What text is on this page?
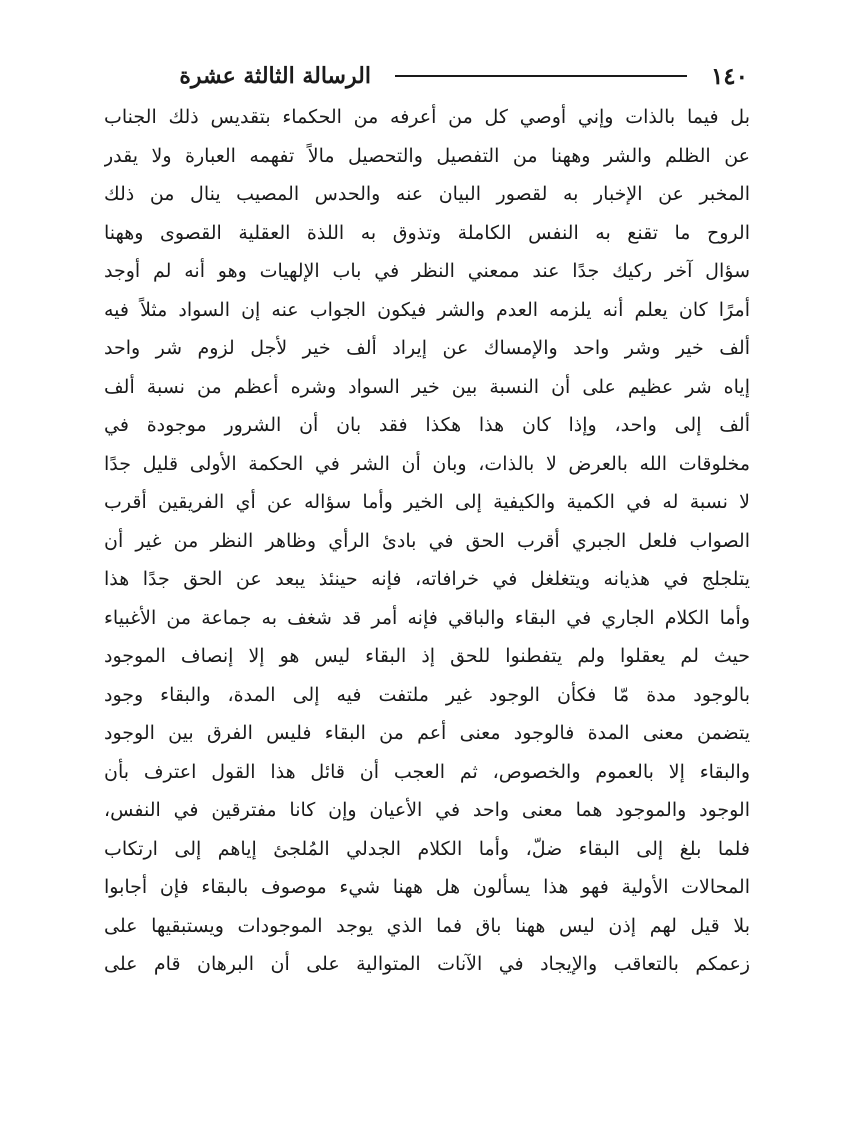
١٤٠
الرسالة الثالثة عشرة
بل فيما بالذات وإني أوصي كل من أعرفه من الحكماء بتقديس ذلك الجناب
عن الظلم والشر وههنا من التفصيل والتحصيل مالاً تفهمه العبارة ولا يقدر
المخبر عن الإخبار به لقصور البيان عنه والحدس المصيب ينال من ذلك
الروح ما تقنع به النفس الكاملة وتذوق به اللذة العقلية القصوى وههنا
سؤال آخر ركيك جدًا عند ممعني النظر في باب الإلهيات وهو أنه لم أوجد
أمرًا كان يعلم أنه يلزمه العدم والشر فيكون الجواب عنه إن السواد مثلاً فيه
ألف خير وشر واحد والإمساك عن إيراد ألف خير لأجل لزوم شر واحد
إياه شر عظيم على أن النسبة بين خير السواد وشره أعظم من نسبة ألف
ألف إلى واحد، وإذا كان هذا هكذا فقد بان أن الشرور موجودة في
مخلوقات الله بالعرض لا بالذات، وبان أن الشر في الحكمة الأولى قليل جدًا
لا نسبة له في الكمية والكيفية إلى الخير وأما سؤاله عن أي الفريقين أقرب
الصواب فلعل الجبري أقرب الحق في بادئ الرأي وظاهر النظر من غير أن
يتلجلج في هذيانه ويتغلغل في خرافاته، فإنه حينئذ يبعد عن الحق جدًا هذا
وأما الكلام الجاري في البقاء والباقي فإنه أمر قد شغف به جماعة من الأغبياء
حيث لم يعقلوا ولم يتفطنوا للحق إذ البقاء ليس هو إلا إنصاف الموجود
بالوجود مدة مّا فكأن الوجود غير ملتفت فيه إلى المدة، والبقاء وجود
يتضمن معنى المدة فالوجود معنى أعم من البقاء فليس الفرق بين الوجود
والبقاء إلا بالعموم والخصوص، ثم العجب أن قائل هذا القول اعترف بأن
الوجود والموجود هما معنى واحد في الأعيان وإن كانا مفترقين في النفس،
فلما بلغ إلى البقاء ضلّ، وأما الكلام الجدلي المُلجئ إياهم إلى ارتكاب
المحالات الأولية فهو هذا يسألون هل ههنا شيء موصوف بالبقاء فإن أجابوا
بلا قيل لهم إذن ليس ههنا باق فما الذي يوجد الموجودات ويستبقيها على
زعمكم بالتعاقب والإيجاد في الآنات المتوالية على أن البرهان قام على
